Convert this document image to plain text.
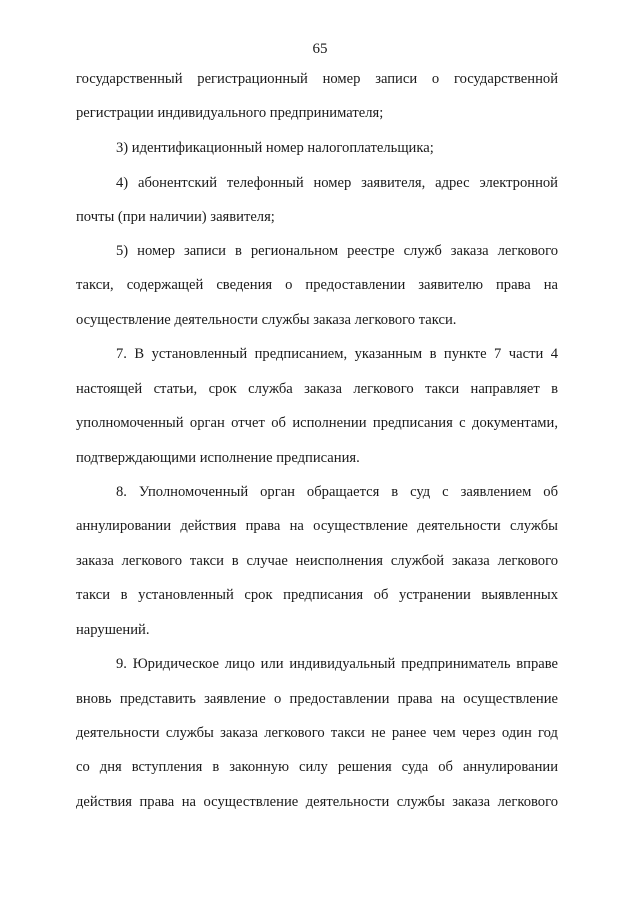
65
государственный регистрационный номер записи о государственной
регистрации индивидуального предпринимателя;
3) идентификационный номер налогоплательщика;
4) абонентский телефонный номер заявителя, адрес электронной
почты (при наличии) заявителя;
5) номер записи в региональном реестре служб заказа легкового
такси, содержащей сведения о предоставлении заявителю права на
осуществление деятельности службы заказа легкового такси.
7. В установленный предписанием, указанным в пункте 7 части 4
настоящей статьи, срок служба заказа легкового такси направляет в
уполномоченный орган отчет об исполнении предписания с документами,
подтверждающими исполнение предписания.
8. Уполномоченный орган обращается в суд с заявлением об
аннулировании действия права на осуществление деятельности службы
заказа легкового такси в случае неисполнения службой заказа легкового
такси в установленный срок предписания об устранении выявленных
нарушений.
9. Юридическое лицо или индивидуальный предприниматель вправе
вновь представить заявление о предоставлении права на осуществление
деятельности службы заказа легкового такси не ранее чем через один год
со дня вступления в законную силу решения суда об аннулировании
действия права на осуществление деятельности службы заказа легкового
